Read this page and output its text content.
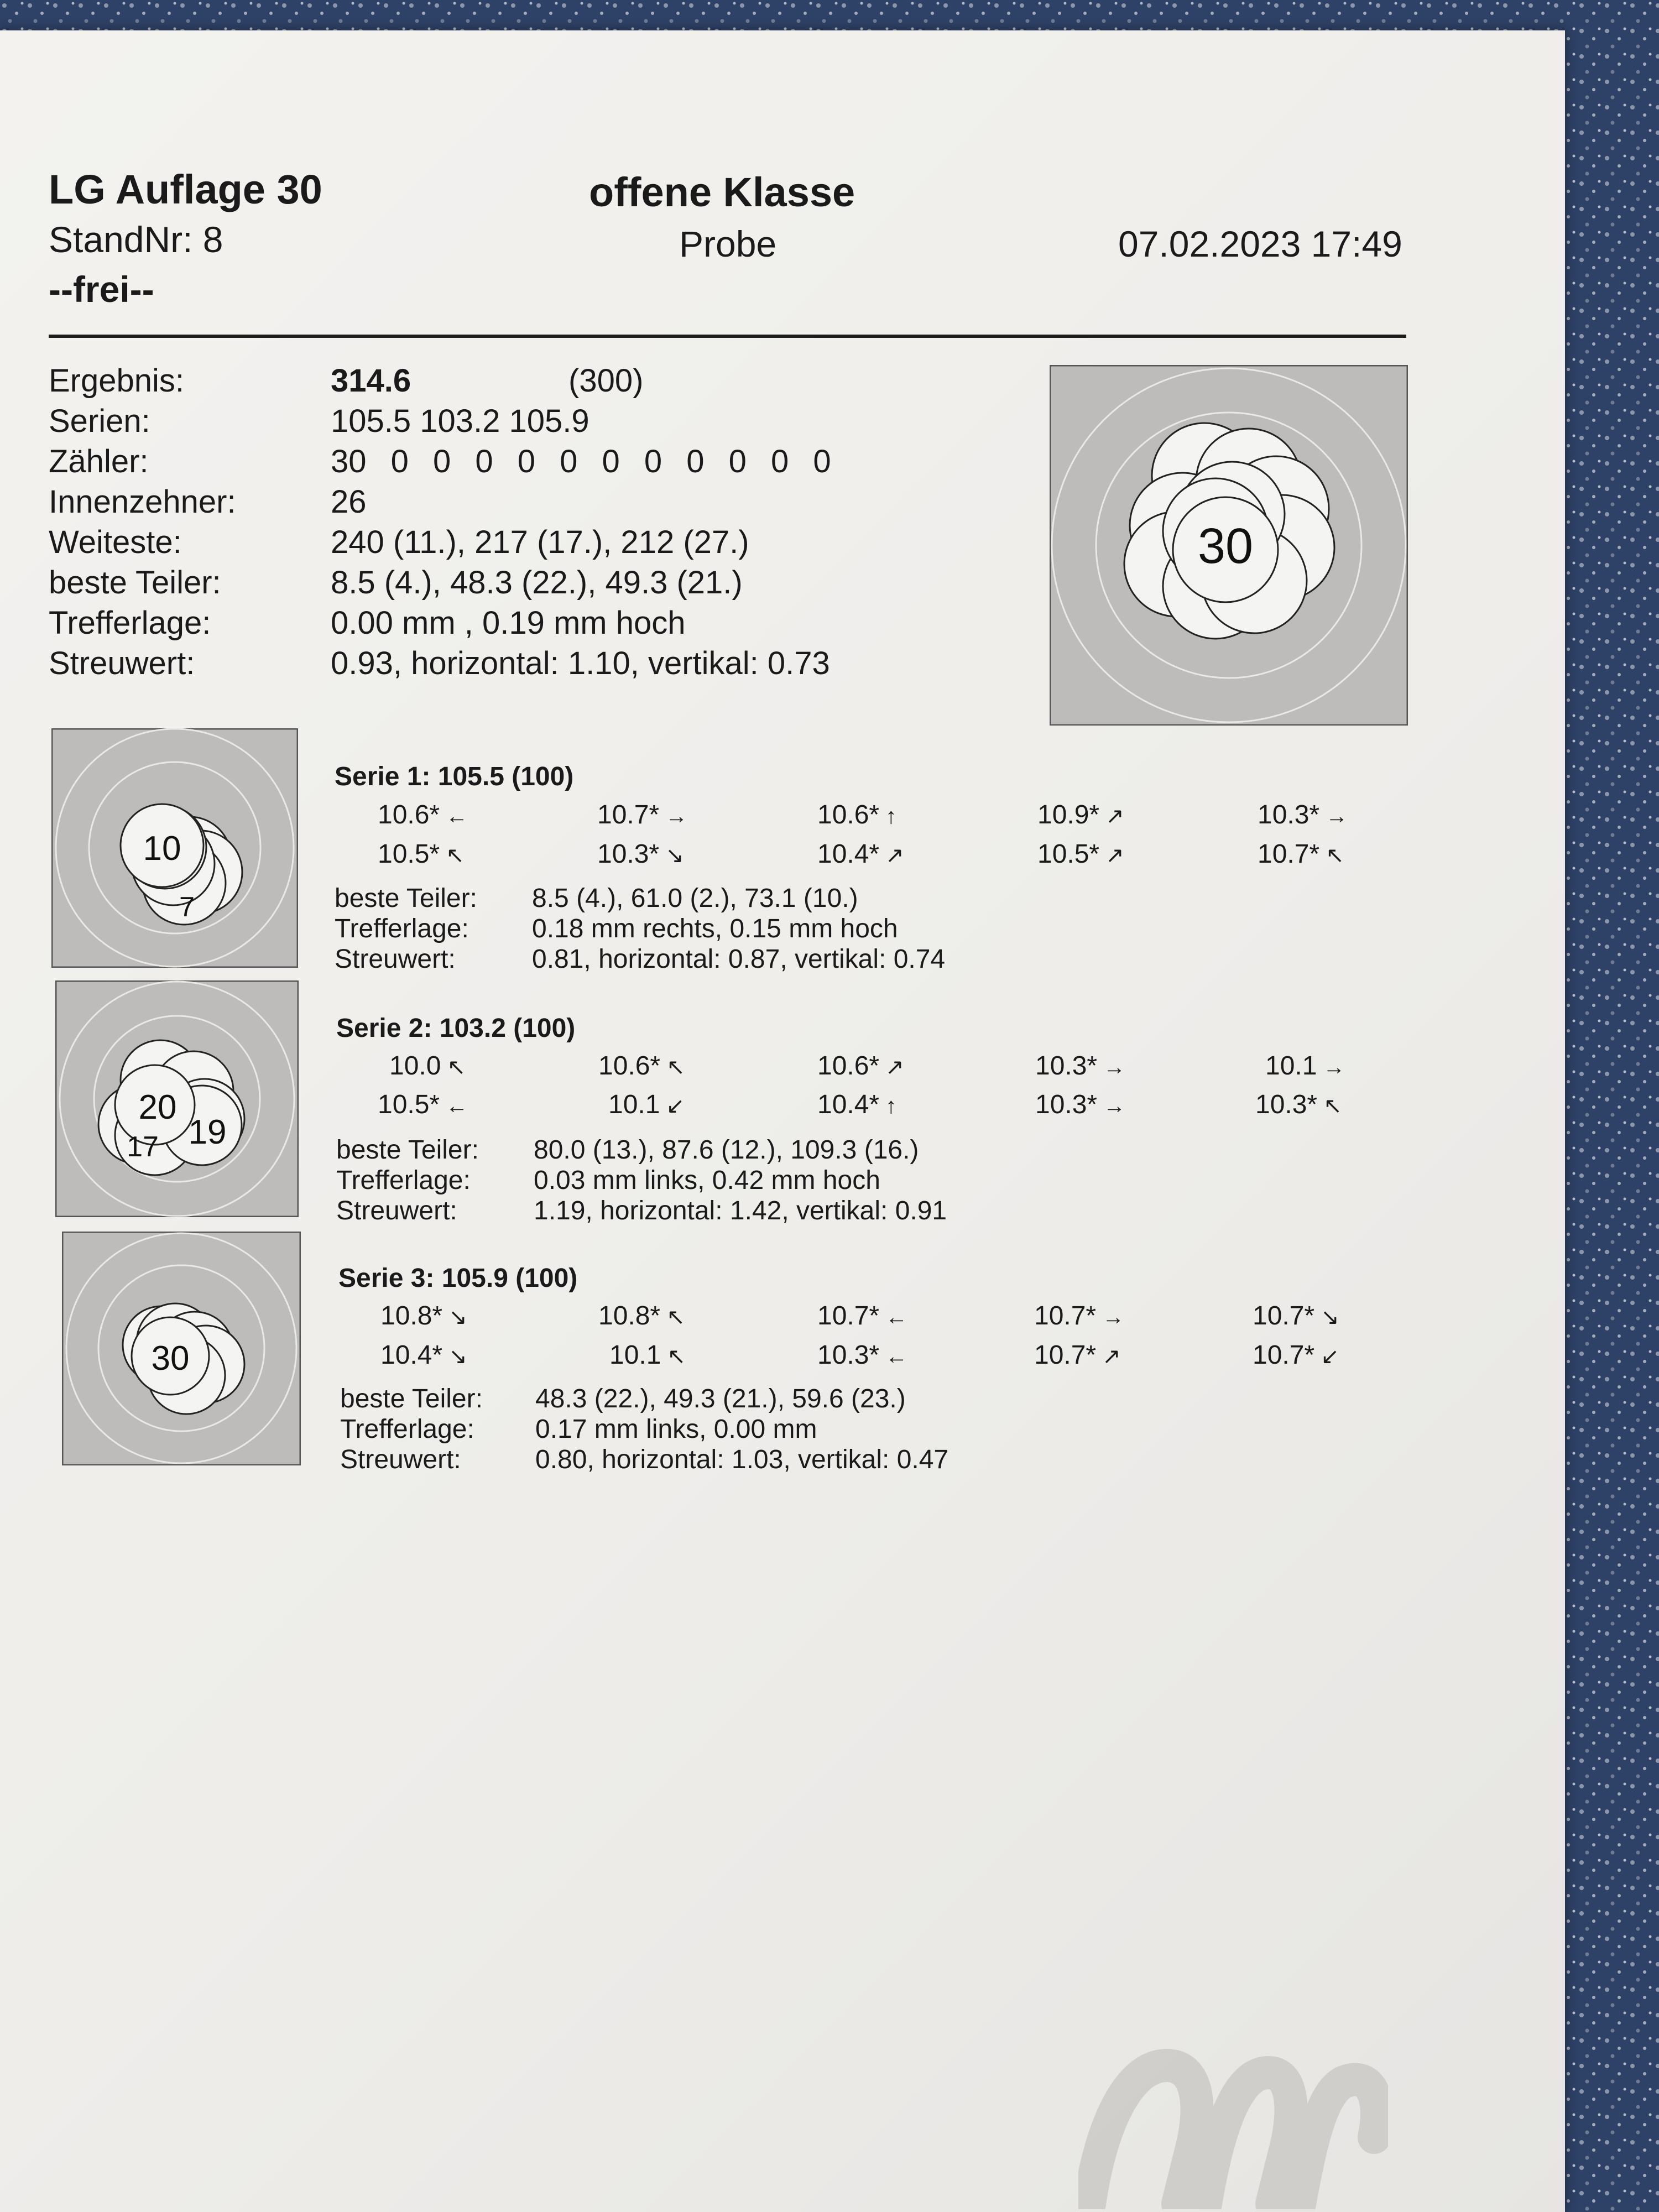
LG Auflage 30
StandNr: 8
--frei--
offene Klasse
Probe	07.02.2023 17:49
Ergebnis:	314.6	(300)
Serien:	105.5 103.2 105.9
Zähler:	30 0 0 0 0 0 0 0 0 0 0 0
Innenzehner:	26
Weiteste:	240 (11.), 217 (17.), 212 (27.)
beste Teiler:	8.5 (4.), 48.3 (22.), 49.3 (21.)
Trefferlage:	0.00 mm , 0.19 mm hoch
Streuwert:	0.93, horizontal: 1.10, vertikal: 0.73
30
10
7
Serie 1: 105.5 (100)
10.6* ←	10.7* →	10.6* ↑	10.9* ↗	10.3* →
10.5* ↖	10.3* ↘	10.4* ↗	10.5* ↗	10.7* ↖
beste Teiler: 8.5 (4.), 61.0 (2.), 73.1 (10.)
Trefferlage: 0.18 mm rechts, 0.15 mm hoch
Streuwert:	0.81, horizontal: 0.87, vertikal: 0.74
20
19
17
Serie 2: 103.2 (100)
10.0 ↖	10.6* ↖	10.6* ↗	10.3* →	10.1 →
10.5* ←	10.1 ↙	10.4* ↑	10.3* →	10.3* ↖
beste Teiler: 80.0 (13.), 87.6 (12.), 109.3 (16.)
Trefferlage: 0.03 mm links, 0.42 mm hoch
Streuwert:	1.19, horizontal: 1.42, vertikal: 0.91
30
Serie 3: 105.9 (100)
10.8* ↘	10.8* ↖	10.7* ←	10.7* →	10.7* ↘
10.4* ↘	10.1 ↖	10.3* ←	10.7* ↗	10.7* ↙
beste Teiler: 48.3 (22.), 49.3 (21.), 59.6 (23.)
Trefferlage: 0.17 mm links, 0.00 mm
Streuwert:	0.80, horizontal: 1.03, vertikal: 0.47
